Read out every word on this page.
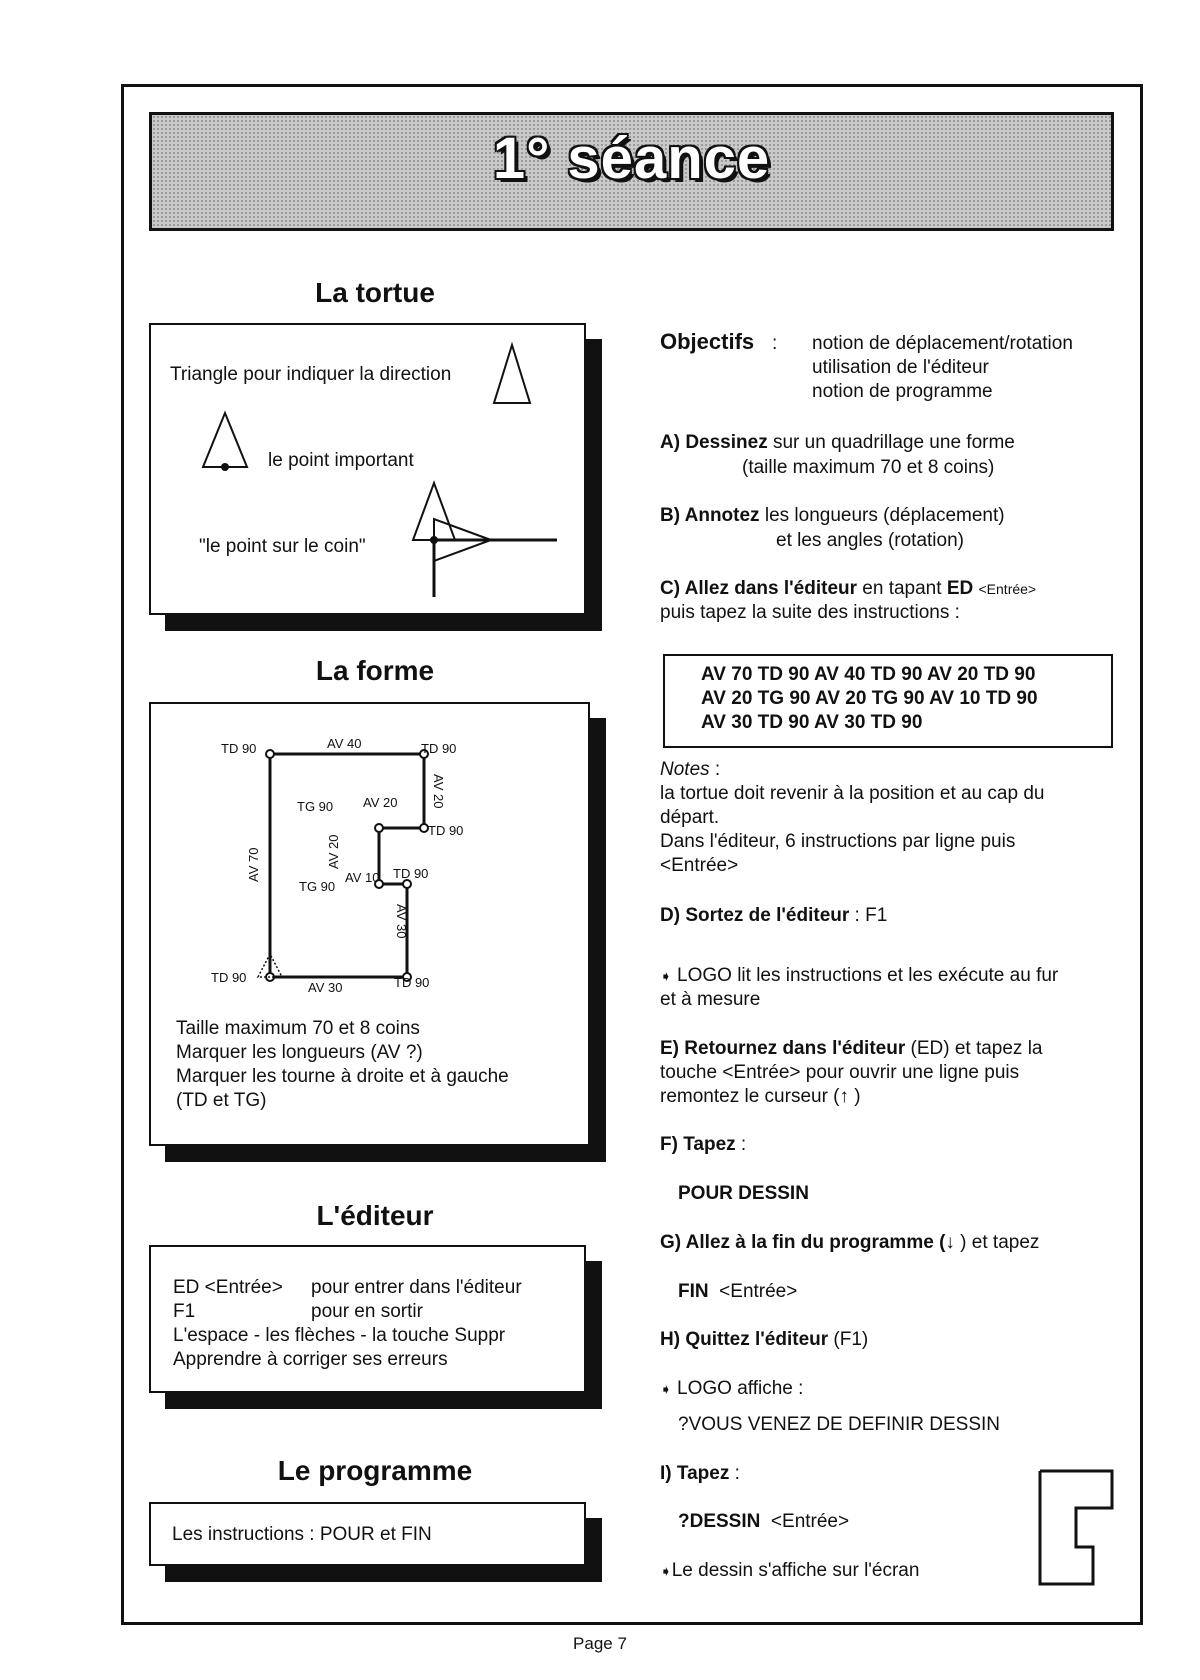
1° séance
La tortue
Triangle pour indiquer la direction
le point important
"le point sur le coin"
La forme
TD 90	AV 40	TD 90
AV 20
TG 90 AV 20
TD 90
AV 70	AV 20
AV 10 TD 90
TG 90
AV 30
TD 90
AV 30	TD 90
Taille maximum 70 et 8 coins
Marquer les longueurs (AV ?)
Marquer les tourne à droite et à gauche
(TD et TG)
L'éditeur
ED <Entrée> pour entrer dans l'éditeur
F1	pour en sortir
L'espace - les flèches - la touche Suppr
Apprendre à corriger ses erreurs
Le programme
Les instructions : POUR et FIN
Objectifs : notion de déplacement/rotation
utilisation de l'éditeur
notion de programme
A) Dessinez sur un quadrillage une forme
(taille maximum 70 et 8 coins)
B) Annotez les longueurs (déplacement)
et les angles (rotation)
C) Allez dans l'éditeur en tapant ED <Entrée>
puis tapez la suite des instructions :
AV 70 TD 90 AV 40 TD 90 AV 20 TD 90
AV 20 TG 90 AV 20 TG 90 AV 10 TD 90
AV 30 TD 90 AV 30 TD 90
Notes :
la tortue doit revenir à la position et au cap du
départ.
Dans l'éditeur, 6 instructions par ligne puis
<Entrée>
D) Sortez de l'éditeur : F1
➧ LOGO lit les instructions et les exécute au fur
et à mesure
E) Retournez dans l'éditeur (ED) et tapez la
touche <Entrée> pour ouvrir une ligne puis
remontez le curseur (↑ )
F) Tapez :
POUR DESSIN
G) Allez à la fin du programme (↓ ) et tapez
FIN <Entrée>
H) Quittez l'éditeur (F1)
➧ LOGO affiche :
?VOUS VENEZ DE DEFINIR DESSIN
I) Tapez :
?DESSIN <Entrée>
➧Le dessin s'affiche sur l'écran
Page 7
